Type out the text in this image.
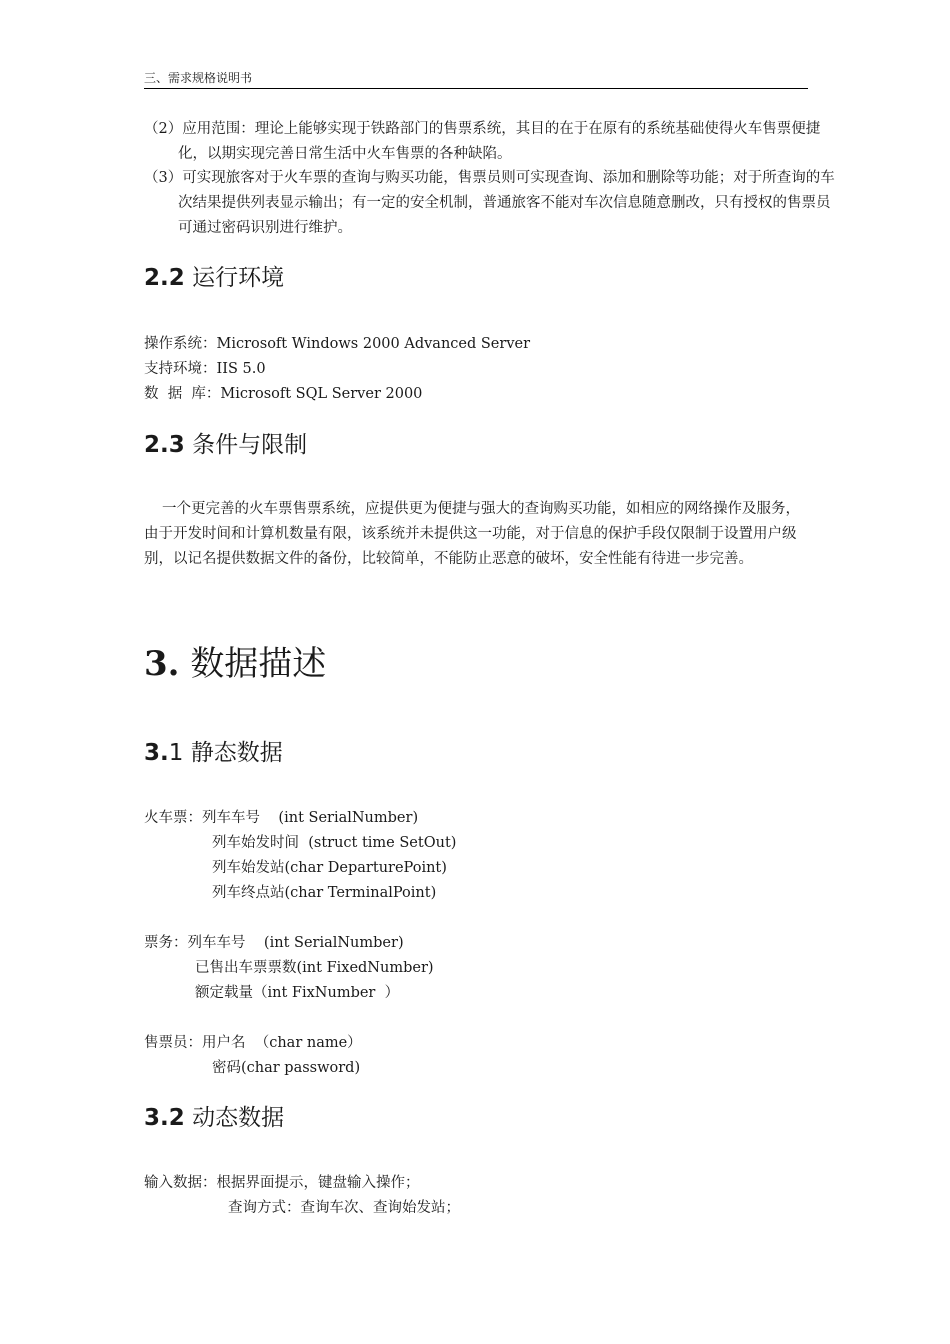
三、需求规格说明书

（2）应用范围：理论上能够实现于铁路部门的售票系统，其目的在于在原有的系统基础使得火车售票便捷化，以期实现完善日常生活中火车售票的各种缺陷。

（3）可实现旅客对于火车票的查询与购买功能，售票员则可实现查询、添加和删除等功能；对于所查询的车次结果提供列表显示输出；有一定的安全机制，普通旅客不能对车次信息随意删改，只有授权的售票员可通过密码识别进行维护。

2.2 运行环境
操作系统：Microsoft Windows 2000 Advanced Server
支持环境：IIS 5.0
数  据  库：Microsoft SQL Server 2000
2.3 条件与限制

一个更完善的火车票售票系统，应提供更为便捷与强大的查询购买功能，如相应的网络操作及服务，由于开发时间和计算机数量有限，该系统并未提供这一功能，对于信息的保护手段仅限制于设置用户级别，以记名提供数据文件的备份，比较简单，不能防止恶意的破坏，安全性能有待进一步完善。

3. 数据描述
3.1 静态数据
火车票：列车车号    (int SerialNumber)
列车始发时间  (struct time SetOut)
列车始发站(char DeparturePoint)
列车终点站(char TerminalPoint)
票务：列车车号    (int SerialNumber)
已售出车票票数(int FixedNumber)
额定载量（int FixNumber  ）
售票员：用户名  （char name）
密码(char password)
3.2 动态数据
输入数据：根据界面提示，键盘输入操作；
查询方式：查询车次、查询始发站；
